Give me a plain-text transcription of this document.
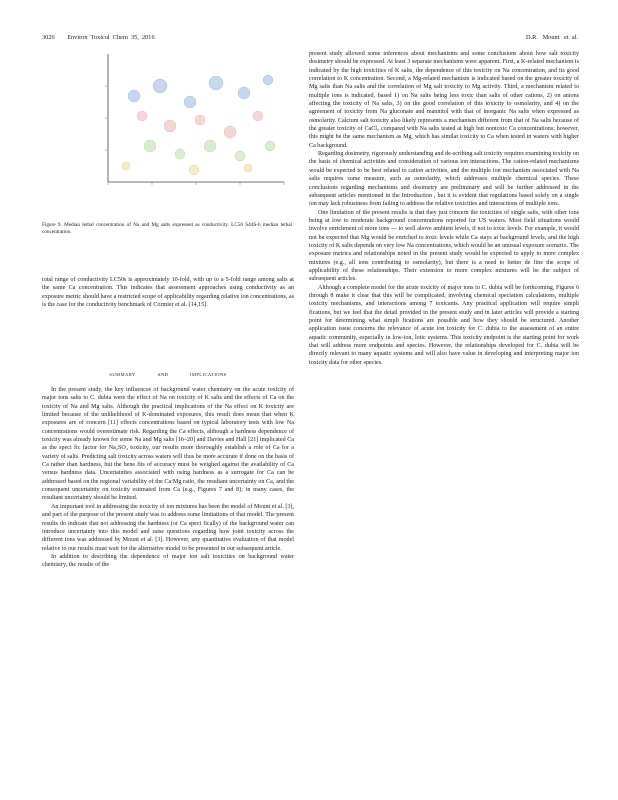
3026        Environ  Toxicol  Chem  35,  2016	D.R.   Mount   et  al.
Figure 9. Median lethal concentration of Na and Mg salts expressed as conductivity. LC50 S44S-h median lethal concentration.

total range of conductivity LC50s is approximately 10-fold, with up to a 5-fold range among salts at the same Ca concentration. This indicates that assessment approaches using conductivity as an exposure metric should have a restricted scope of applicability regarding relative ion concentrations, as is the case for the conductivity benchmark of Cormier et al. [14,15].

SUMMARY	AND	IMPLICATIONS

In the present study, the key influences of background water chemistry on the acute toxicity of major ions salts to C. dubia were the effect of Na on toxicity of K salts and the effects of Ca on the toxicity of Na and Mg salts. Although the practical implications of the Na effect on K toxicity are limited because of the unlikelihood of K-dominated exposures, this result does mean that when K exposures are of concern [11] effects concentrations based on typical laboratory tests with low Na concentrations would overestimate risk. Regarding the Ca effects, although a hardness dependence of toxicity was already known for some Na and Mg salts [16–20] and Davies and Hall [21] implicated Ca as the speci fic factor for Na₂SO₄ toxicity, our results more thoroughly establish a role of Ca for a variety of salts. Predicting salt toxicity across waters will thus be more accurate if done on the basis of Ca rather than hardness, but the bene fits of accuracy must be weighed against the availability of Ca versus hardness data. Uncertainties associated with using hardness as a surrogate for Ca can be addressed based on the regional variability of the Ca:Mg ratio, the resultant uncertainty on Ca, and the consequent uncertainty on toxicity estimated from Ca (e.g., Figures 7 and 8); in many cases, the resultant uncertainty should be limited.

An important tool in addressing the toxicity of ion mixtures has been the model of Mount et al. [3], and part of the purpose of the present study was to address some limitations of that model. The present results do indicate that not addressing the hardness (or Ca speci fically) of the background water can introduce uncertainty into this model and raise questions regarding how joint toxicity across the different ions was addressed by Mount et al. [3]. However, any quantitative evaluation of that model relative to our results must wait for the alternative model to be presented in our subsequent article.

In addition to describing the dependence of major ion salt toxicities on background water chemistry, the results of the

present study allowed some inferences about mechanisms and some conclusions about how salt toxicity dosimetry should be expressed. At least 3 separate mechanisms were apparent. First, a K-related mechanism is indicated by the high toxicities of K salts, the dependence of this toxicity on Na concentration, and its good correlation to K concentration. Second, a Mg-related mechanism is indicated based on the greater toxicity of Mg salts than Na salts and the correlation of Mg salt toxicity to Mg activity. Third, a mechanism related to multiple ions is indicated, based 1) on Na salts being less toxic than salts of other cations, 2) on anions affecting the toxicity of Na salts, 3) on the good correlation of this toxicity to osmolarity, and 4) on the agreement of toxicity from Na gluconate and mannitol with that of inorganic Na salts when expressed as osmolarity. Calcium salt toxicity also likely represents a mechanism different from that of Na salts because of the greater toxicity of CaCl₂ compared with Na salts tested at high but nontoxic Ca concentrations; however, this might be the same mechanism as Mg, which has similar toxicity to Ca when tested in waters with higher Ca background.

Regarding dosimetry, rigorously understanding and de-scribing salt toxicity requires examining toxicity on the basis of chemical activities and consideration of various ion interactions. The cation-related mechanisms would be expected to be best related to cation activities, and the multiple ion mechanism associated with Na salts requires some measure, such as osmolarity, which addresses multiple chemical species. These conclusions regarding mechanisms and dosimetry are preliminary and will be further addressed in the subsequent articles mentioned in the Introduction , but it is evident that regulations based solely on a single ion may lack robustness from failing to address the relative toxicities and interactions of multiple ions.

One limitation of the present results is that they just concern the toxicities of single salts, with other ions being at low to moderate background concentrations reported for US waters. Most field situations would involve enrichment of more ions — to well above ambient levels, if not to toxic levels. For example, it would not be expected that Mg would be enriched to toxic levels while Ca stays at background levels, and the high toxicity of K salts depends on very low Na concentrations, which would be an unusual exposure scenario. The exposure metrics and relationships noted in the present study would be expected to apply to more complex mixtures (e.g., all ions contributing to osmolarity), but there is a need to better de fine the scope of applicability of these relationships. Their extension to more complex mixtures will be the subject of subsequent articles.

Although a complete model for the acute toxicity of major ions to C. dubia will be forthcoming, Figures 6 through 8 make it clear that this will be complicated, involving chemical speciation calculations, multiple toxicity mechanisms, and interactions among 7 toxicants. Any practical application will require simpli fications, but we feel that the detail provided in the present study and in later articles will provide a starting point for determining what simpli fications are possible and how they should be structured. Another application issue concerns the relevance of acute ion toxicity for C. dubia to the assessment of an entire aquatic community, especially in low-ion, lotic systems. This toxicity endpoint is the starting point for work that will address more endpoints and species. However, the relationships developed for C. dubia will be directly relevant to many aquatic systems and will also have value in developing and interpreting major ion toxicity data for other species.
